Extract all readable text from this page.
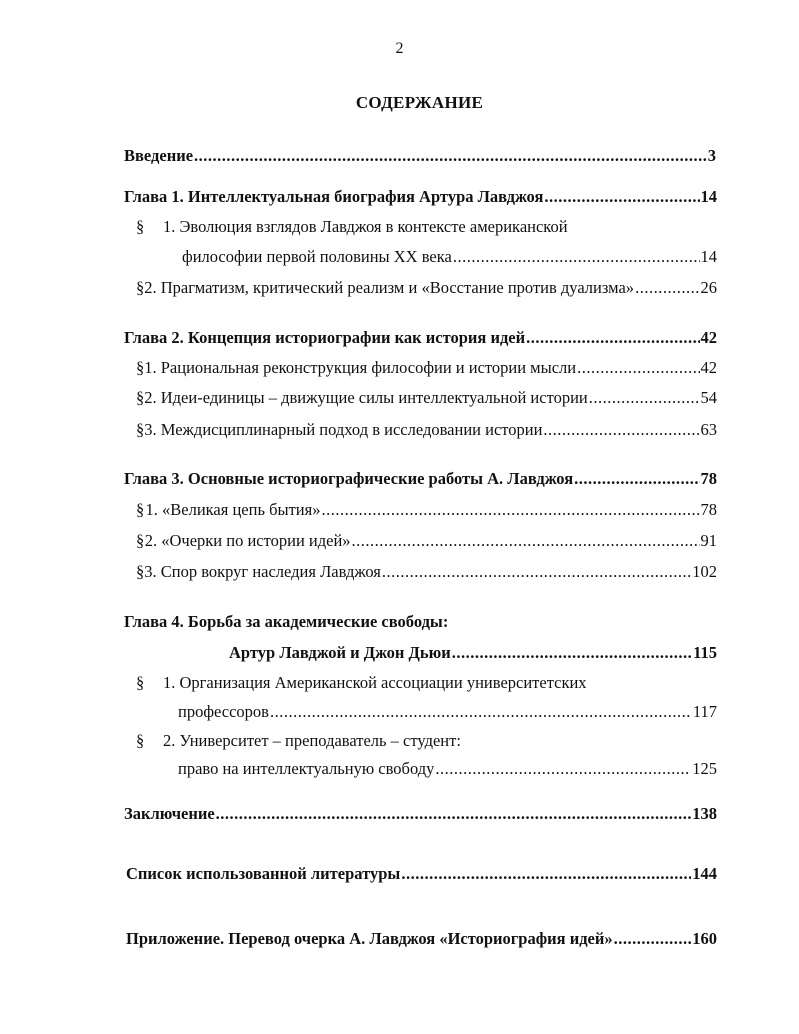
2
СОДЕРЖАНИЕ
Введение .....	3
Глава 1. Интеллектуальная биография Артура Лавджоя .....	14
§ 1. Эволюция взглядов Лавджоя в контексте американской
философии первой половины XX века .....	14
§ 2. Прагматизм, критический реализм и «Восстание против дуализма» .....	26
Глава 2. Концепция историографии как история идей .....	42
§ 1. Рациональная реконструкция философии и истории мысли .....	42
§ 2. Идеи-единицы – движущие силы интеллектуальной истории .....	54
§ 3. Междисциплинарный подход в исследовании истории .....	63
Глава 3. Основные историографические работы А. Лавджоя .....	78
§ 1. «Великая цепь бытия» .....	78
§ 2. «Очерки по истории идей» .....	91
§ 3. Спор вокруг наследия Лавджоя .....	102
Глава 4. Борьба за академические свободы:
Артур Лавджой и Джон Дьюи .....	115
§ 1. Организация Американской ассоциации университетских
профессоров .....	117
§ 2. Университет – преподаватель – студент:
право на интеллектуальную свободу .....	125
Заключение .....	138
Список использованной литературы .....	144
Приложение. Перевод очерка А. Лавджоя «Историография идей» .....	160
